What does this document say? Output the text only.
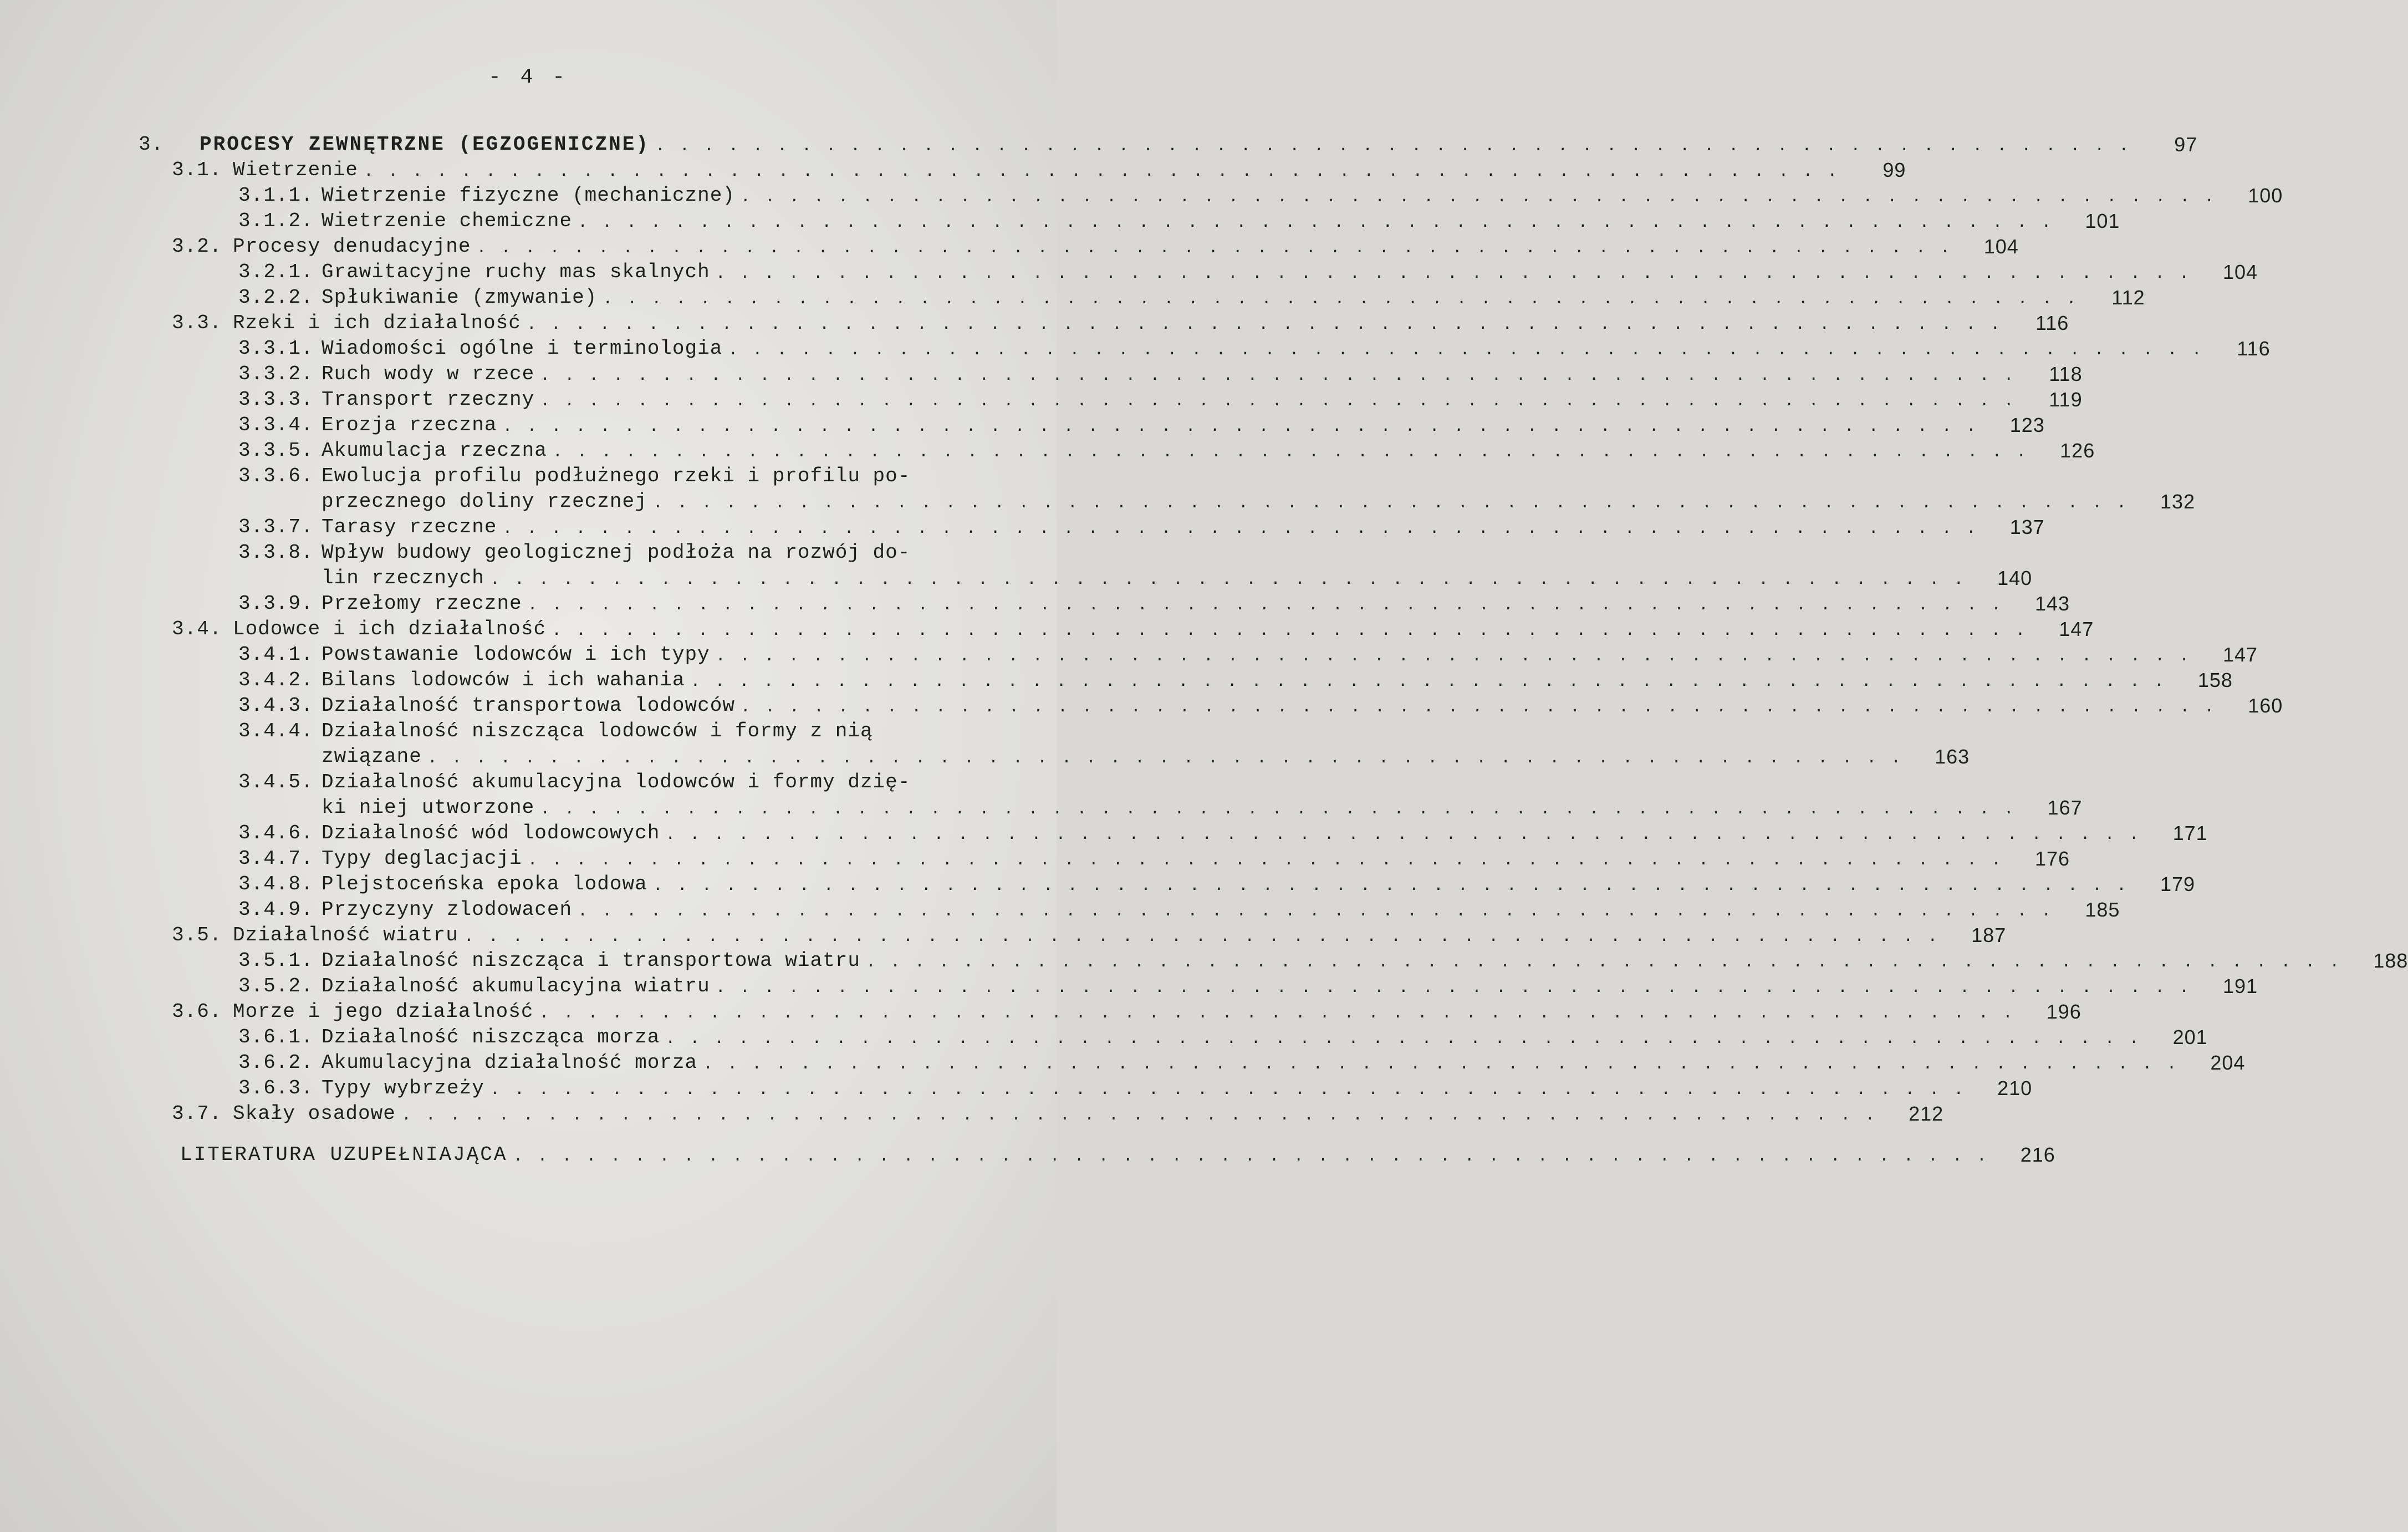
- 4 -
3.	PROCESY ZEWNĘTRZNE (EGZOGENICZNE) . . . . . . . . . . . . . . . . . . . . . . . . . . . . . . . . . . . . . . . . . . . . . . . . . . . . . . . . . . . . .	97
3.1. Wietrzenie . . . . . . . . . . . . . . . . . . . . . . . . . . . . . . . . . . . . . . . . . . . . . . . . . . . . . . . . . . . . .	99
3.1.1. Wietrzenie fizyczne (mechaniczne) . . . . . . . . . . . . . . . . . . . . . . . . . . . . . . . . . . . . . . . . . . . . . . . . . . . . . . . . . . . . .	100
3.1.2. Wietrzenie chemiczne . . . . . . . . . . . . . . . . . . . . . . . . . . . . . . . . . . . . . . . . . . . . . . . . . . . . . . . . . . . . .	101
3.2. Procesy denudacyjne . . . . . . . . . . . . . . . . . . . . . . . . . . . . . . . . . . . . . . . . . . . . . . . . . . . . . . . . . . . . .	104
3.2.1. Grawitacyjne ruchy mas skalnych . . . . . . . . . . . . . . . . . . . . . . . . . . . . . . . . . . . . . . . . . . . . . . . . . . . . . . . . . . . . .	104
3.2.2. Spłukiwanie (zmywanie) . . . . . . . . . . . . . . . . . . . . . . . . . . . . . . . . . . . . . . . . . . . . . . . . . . . . . . . . . . . . .	112
3.3. Rzeki i ich działalność . . . . . . . . . . . . . . . . . . . . . . . . . . . . . . . . . . . . . . . . . . . . . . . . . . . . . . . . . . . . .	116
3.3.1. Wiadomości ogólne i terminologia . . . . . . . . . . . . . . . . . . . . . . . . . . . . . . . . . . . . . . . . . . . . . . . . . . . . . . . . . . . . .	116
3.3.2. Ruch wody w rzece . . . . . . . . . . . . . . . . . . . . . . . . . . . . . . . . . . . . . . . . . . . . . . . . . . . . . . . . . . . . .	118
3.3.3. Transport rzeczny . . . . . . . . . . . . . . . . . . . . . . . . . . . . . . . . . . . . . . . . . . . . . . . . . . . . . . . . . . . . .	119
3.3.4. Erozja rzeczna . . . . . . . . . . . . . . . . . . . . . . . . . . . . . . . . . . . . . . . . . . . . . . . . . . . . . . . . . . . . .	123
3.3.5. Akumulacja rzeczna . . . . . . . . . . . . . . . . . . . . . . . . . . . . . . . . . . . . . . . . . . . . . . . . . . . . . . . . . . . . .	126
3.3.6. Ewolucja profilu podłużnego rzeki i profilu po-
przecznego doliny rzecznej . . . . . . . . . . . . . . . . . . . . . . . . . . . . . . . . . . . . . . . . . . . . . . . . . . . . . . . . . . . . .	132
3.3.7. Tarasy rzeczne . . . . . . . . . . . . . . . . . . . . . . . . . . . . . . . . . . . . . . . . . . . . . . . . . . . . . . . . . . . . .	137
3.3.8. Wpływ budowy geologicznej podłoża na rozwój do-
lin rzecznych . . . . . . . . . . . . . . . . . . . . . . . . . . . . . . . . . . . . . . . . . . . . . . . . . . . . . . . . . . . . .	140
3.3.9. Przełomy rzeczne . . . . . . . . . . . . . . . . . . . . . . . . . . . . . . . . . . . . . . . . . . . . . . . . . . . . . . . . . . . . .	143
3.4. Lodowce i ich działalność . . . . . . . . . . . . . . . . . . . . . . . . . . . . . . . . . . . . . . . . . . . . . . . . . . . . . . . . . . . . .	147
3.4.1. Powstawanie lodowców i ich typy . . . . . . . . . . . . . . . . . . . . . . . . . . . . . . . . . . . . . . . . . . . . . . . . . . . . . . . . . . . . .	147
3.4.2. Bilans lodowców i ich wahania . . . . . . . . . . . . . . . . . . . . . . . . . . . . . . . . . . . . . . . . . . . . . . . . . . . . . . . . . . . . .	158
3.4.3. Działalność transportowa lodowców . . . . . . . . . . . . . . . . . . . . . . . . . . . . . . . . . . . . . . . . . . . . . . . . . . . . . . . . . . . . .	160
3.4.4. Działalność niszcząca lodowców i formy z nią
związane . . . . . . . . . . . . . . . . . . . . . . . . . . . . . . . . . . . . . . . . . . . . . . . . . . . . . . . . . . . . .	163
3.4.5. Działalność akumulacyjna lodowców i formy dzię-
ki niej utworzone . . . . . . . . . . . . . . . . . . . . . . . . . . . . . . . . . . . . . . . . . . . . . . . . . . . . . . . . . . . . .	167
3.4.6. Działalność wód lodowcowych . . . . . . . . . . . . . . . . . . . . . . . . . . . . . . . . . . . . . . . . . . . . . . . . . . . . . . . . . . . . .	171
3.4.7. Typy deglacjacji . . . . . . . . . . . . . . . . . . . . . . . . . . . . . . . . . . . . . . . . . . . . . . . . . . . . . . . . . . . . .	176
3.4.8. Plejstoceńska epoka lodowa . . . . . . . . . . . . . . . . . . . . . . . . . . . . . . . . . . . . . . . . . . . . . . . . . . . . . . . . . . . . .	179
3.4.9. Przyczyny zlodowaceń . . . . . . . . . . . . . . . . . . . . . . . . . . . . . . . . . . . . . . . . . . . . . . . . . . . . . . . . . . . . .	185
3.5. Działalność wiatru . . . . . . . . . . . . . . . . . . . . . . . . . . . . . . . . . . . . . . . . . . . . . . . . . . . . . . . . . . . . .	187
3.5.1. Działalność niszcząca i transportowa wiatru . . . . . . . . . . . . . . . . . . . . . . . . . . . . . . . . . . . . . . . . . . . . . . . . . . . . . . . . . . . . .	188
3.5.2. Działalność akumulacyjna wiatru . . . . . . . . . . . . . . . . . . . . . . . . . . . . . . . . . . . . . . . . . . . . . . . . . . . . . . . . . . . . .	191
3.6. Morze i jego działalność . . . . . . . . . . . . . . . . . . . . . . . . . . . . . . . . . . . . . . . . . . . . . . . . . . . . . . . . . . . . .	196
3.6.1. Działalność niszcząca morza . . . . . . . . . . . . . . . . . . . . . . . . . . . . . . . . . . . . . . . . . . . . . . . . . . . . . . . . . . . . .	201
3.6.2. Akumulacyjna działalność morza . . . . . . . . . . . . . . . . . . . . . . . . . . . . . . . . . . . . . . . . . . . . . . . . . . . . . . . . . . . . .	204
3.6.3. Typy wybrzeży . . . . . . . . . . . . . . . . . . . . . . . . . . . . . . . . . . . . . . . . . . . . . . . . . . . . . . . . . . . . .	210
3.7. Skały osadowe . . . . . . . . . . . . . . . . . . . . . . . . . . . . . . . . . . . . . . . . . . . . . . . . . . . . . . . . . . . . .	212
LITERATURA UZUPEŁNIAJĄCA . . . . . . . . . . . . . . . . . . . . . . . . . . . . . . . . . . . . . . . . . . . . . . . . . . . . . . . . . . . . .	216
